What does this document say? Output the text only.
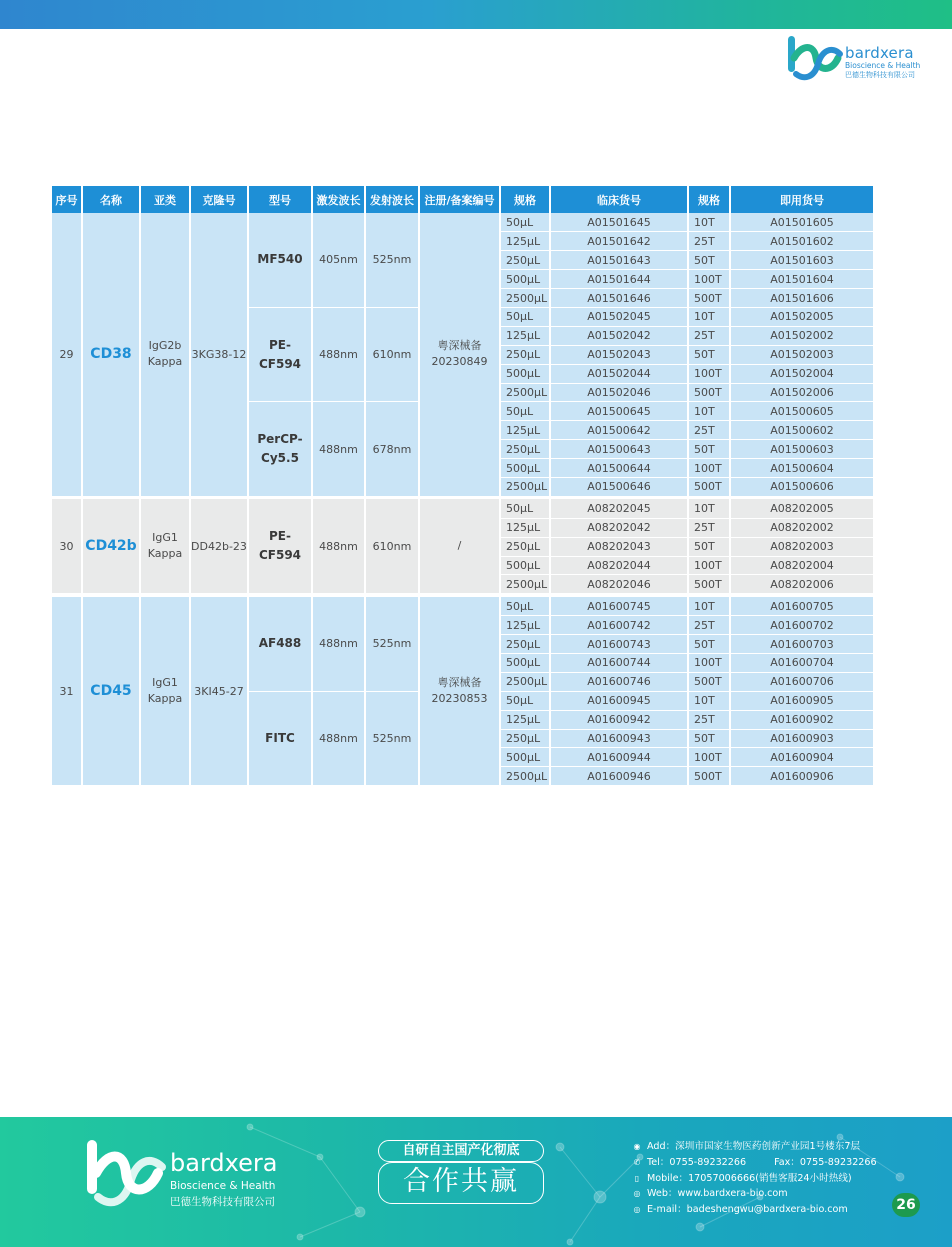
bardxera
Bioscience & Health
巴德生物科技有限公司
序号	名称	亚类	克隆号	型号	激发波长	发射波长	注册/备案编号	规格	临床货号	规格	即用货号
29	CD38	IgG2b Kappa	3KG38-12	MF540	405nm	525nm	粤深械备 20230849	50µL	A01501645	10T	A01501605
								125µL	A01501642	25T	A01501602
								250µL	A01501643	50T	A01501603
								500µL	A01501644	100T	A01501604
								2500µL	A01501646	500T	A01501606
				PE-CF594	488nm	610nm		50µL	A01502045	10T	A01502005
								125µL	A01502042	25T	A01502002
								250µL	A01502043	50T	A01502003
								500µL	A01502044	100T	A01502004
								2500µL	A01502046	500T	A01502006
				PerCP-Cy5.5	488nm	678nm		50µL	A01500645	10T	A01500605
								125µL	A01500642	25T	A01500602
								250µL	A01500643	50T	A01500603
								500µL	A01500644	100T	A01500604
								2500µL	A01500646	500T	A01500606

30	CD42b	IgG1 Kappa	DD42b-23	PE-CF594	488nm	610nm	/	50µL	A08202045	10T	A08202005
								125µL	A08202042	25T	A08202002
								250µL	A08202043	50T	A08202003
								500µL	A08202044	100T	A08202004
								2500µL	A08202046	500T	A08202006

31	CD45	IgG1 Kappa	3KI45-27	AF488	488nm	525nm	粤深械备 20230853	50µL	A01600745	10T	A01600705
								125µL	A01600742	25T	A01600702
								250µL	A01600743	50T	A01600703
								500µL	A01600744	100T	A01600704
								2500µL	A01600746	500T	A01600706
				FITC	488nm	525nm		50µL	A01600945	10T	A01600905
								125µL	A01600942	25T	A01600902
								250µL	A01600943	50T	A01600903
								500µL	A01600944	100T	A01600904
								2500µL	A01600946	500T	A01600906
bardxera
Bioscience & Health
巴德生物科技有限公司
自研自主国产化彻底
合作共赢
◉ Add：深圳市国家生物医药创新产业园1号楼东7层
✆ Tel：0755-89232266	Fax：0755-89232266
▯ Mobile：17057006666(销售客服24小时热线)
◎ Web：www.bardxera-bio.com
◎ E-mail：badeshengwu@bardxera-bio.com	26
